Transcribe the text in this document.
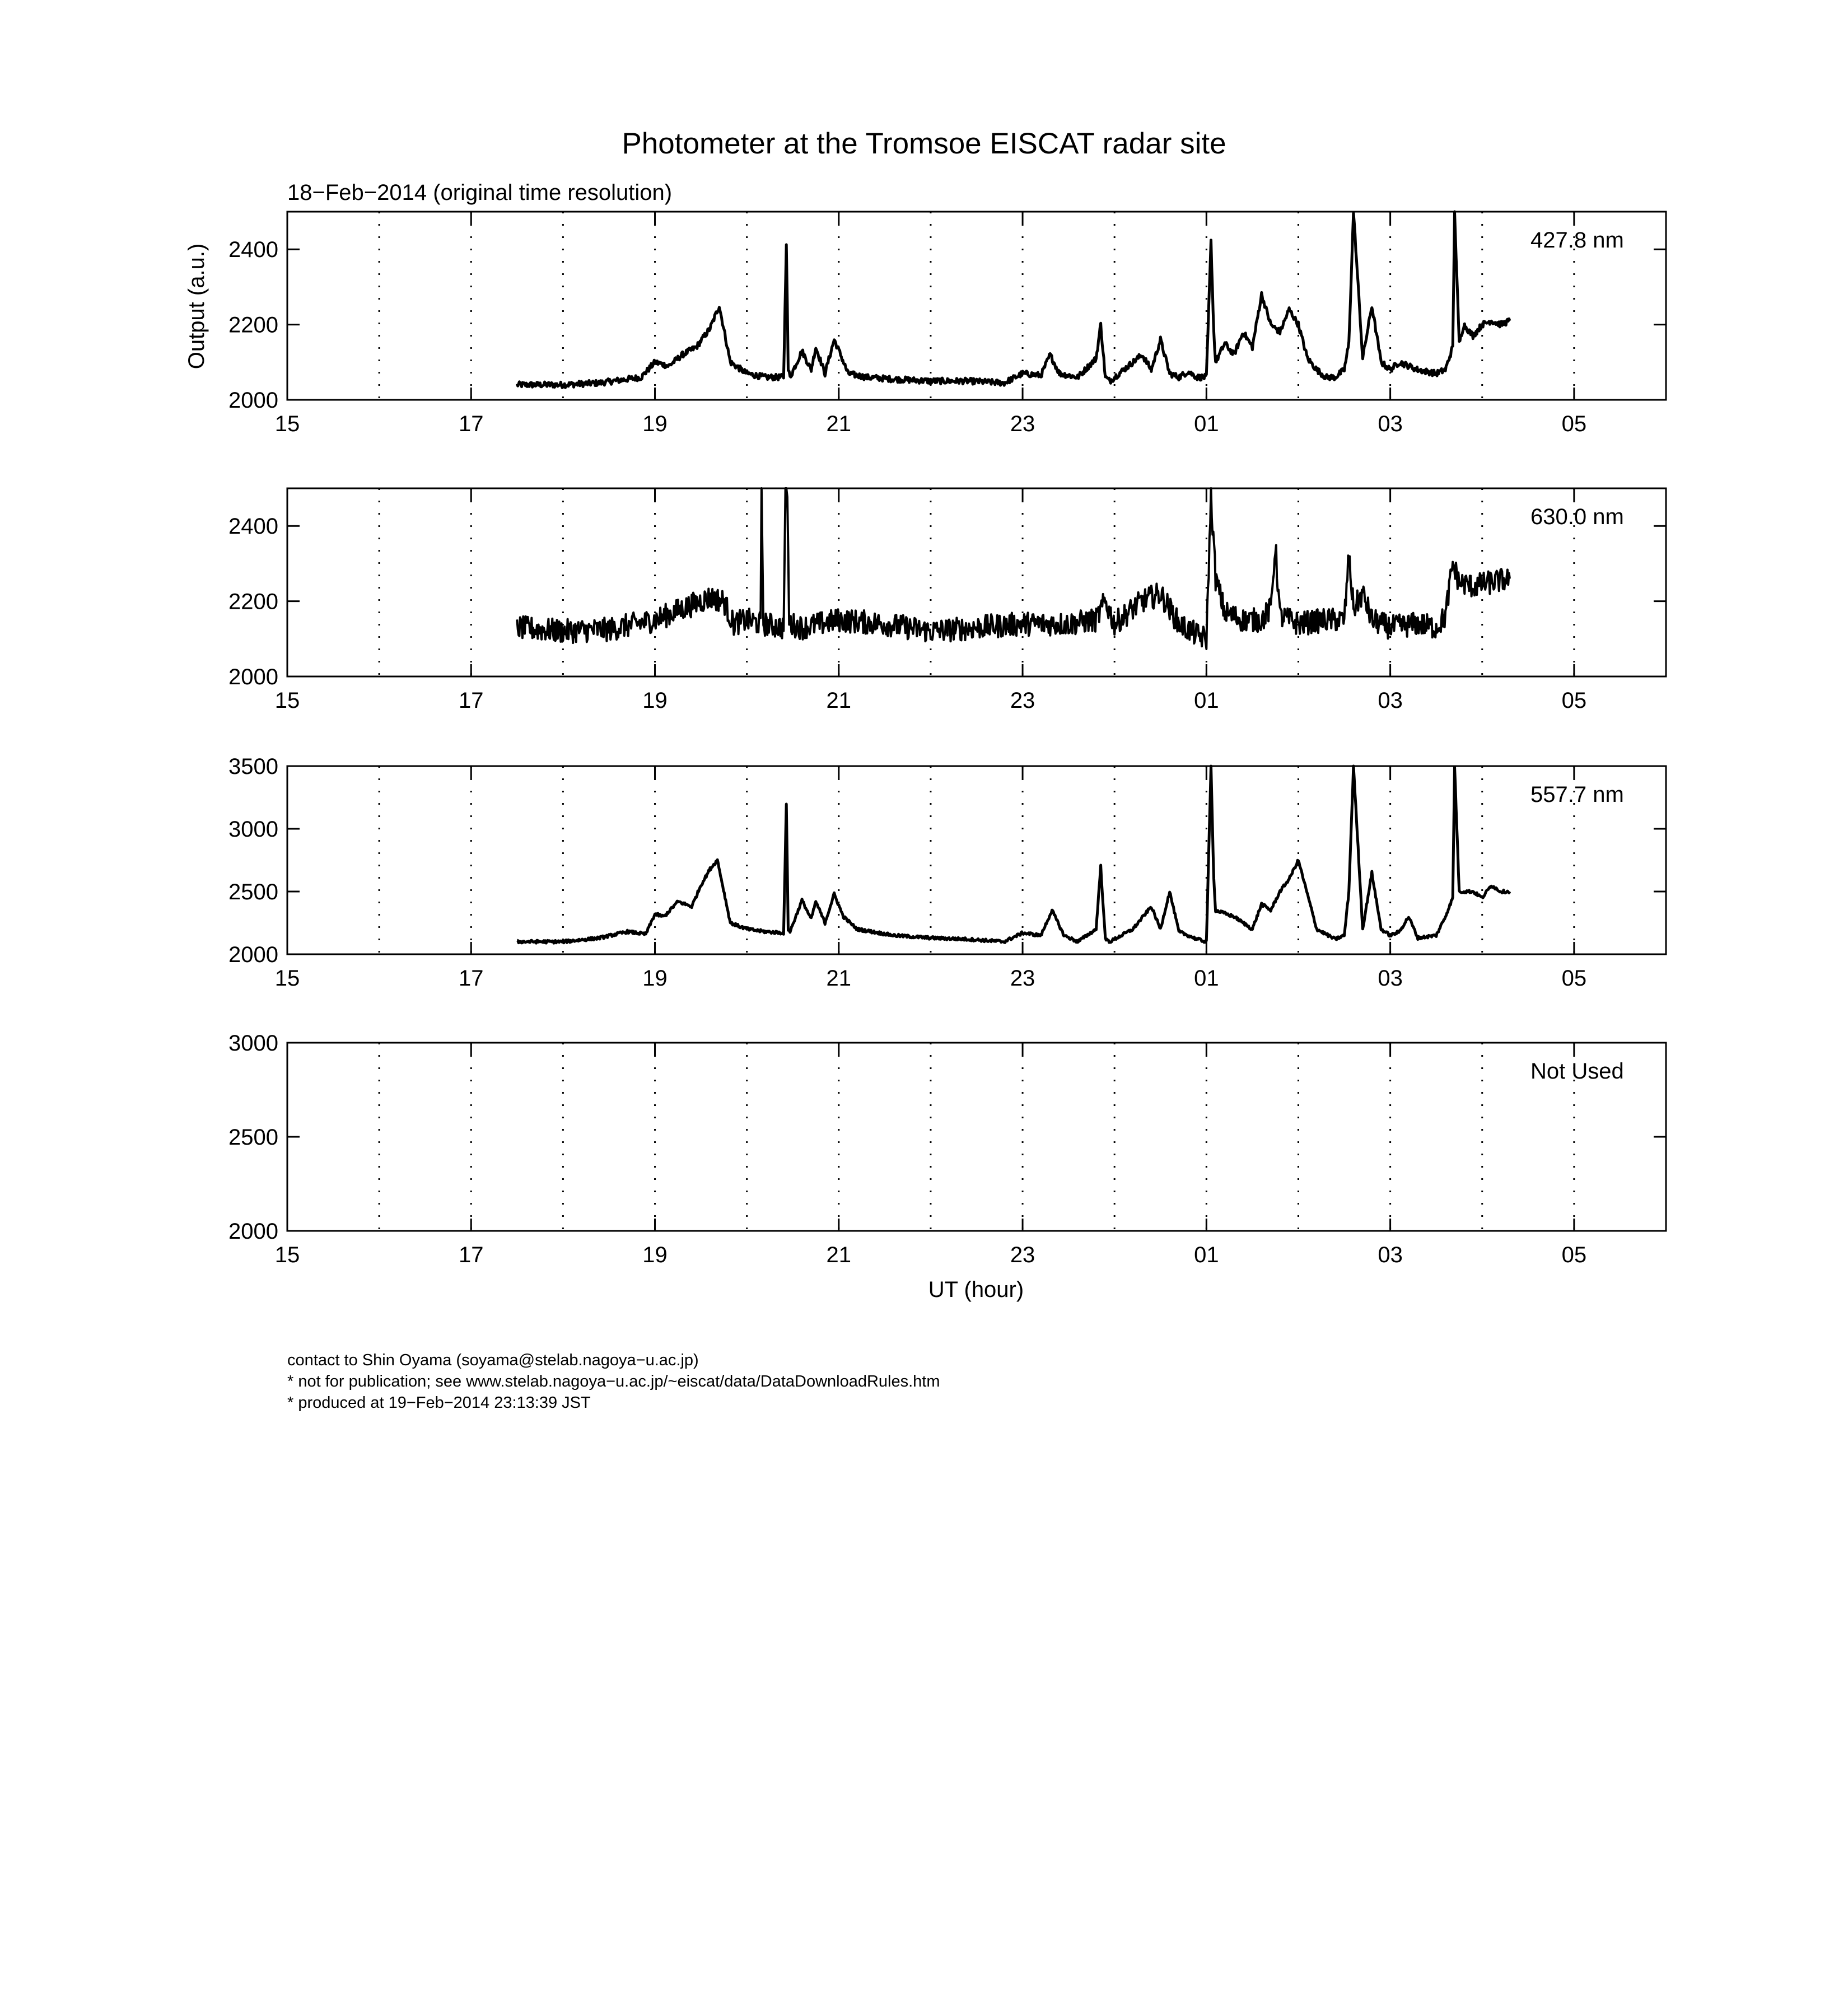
Photometer at the Tromsoe EISCAT radar site
18−Feb−2014 (original time resolution)
Output (a.u.)
UT (hour)
2000
2200
2400
15	17	19	21	23	01	03	05
427.8 nm
2000
2200
2400
15	17	19	21	23	01	03	05
630.0 nm
2000
2500
3000
3500
15	17	19	21	23	01	03	05
557.7 nm
2000
2500
3000
15	17	19	21	23	01	03	05
Not Used
contact to Shin Oyama (soyama@stelab.nagoya−u.ac.jp)
* not for publication; see www.stelab.nagoya−u.ac.jp/~eiscat/data/DataDownloadRules.htm
* produced at 19−Feb−2014 23:13:39 JST
